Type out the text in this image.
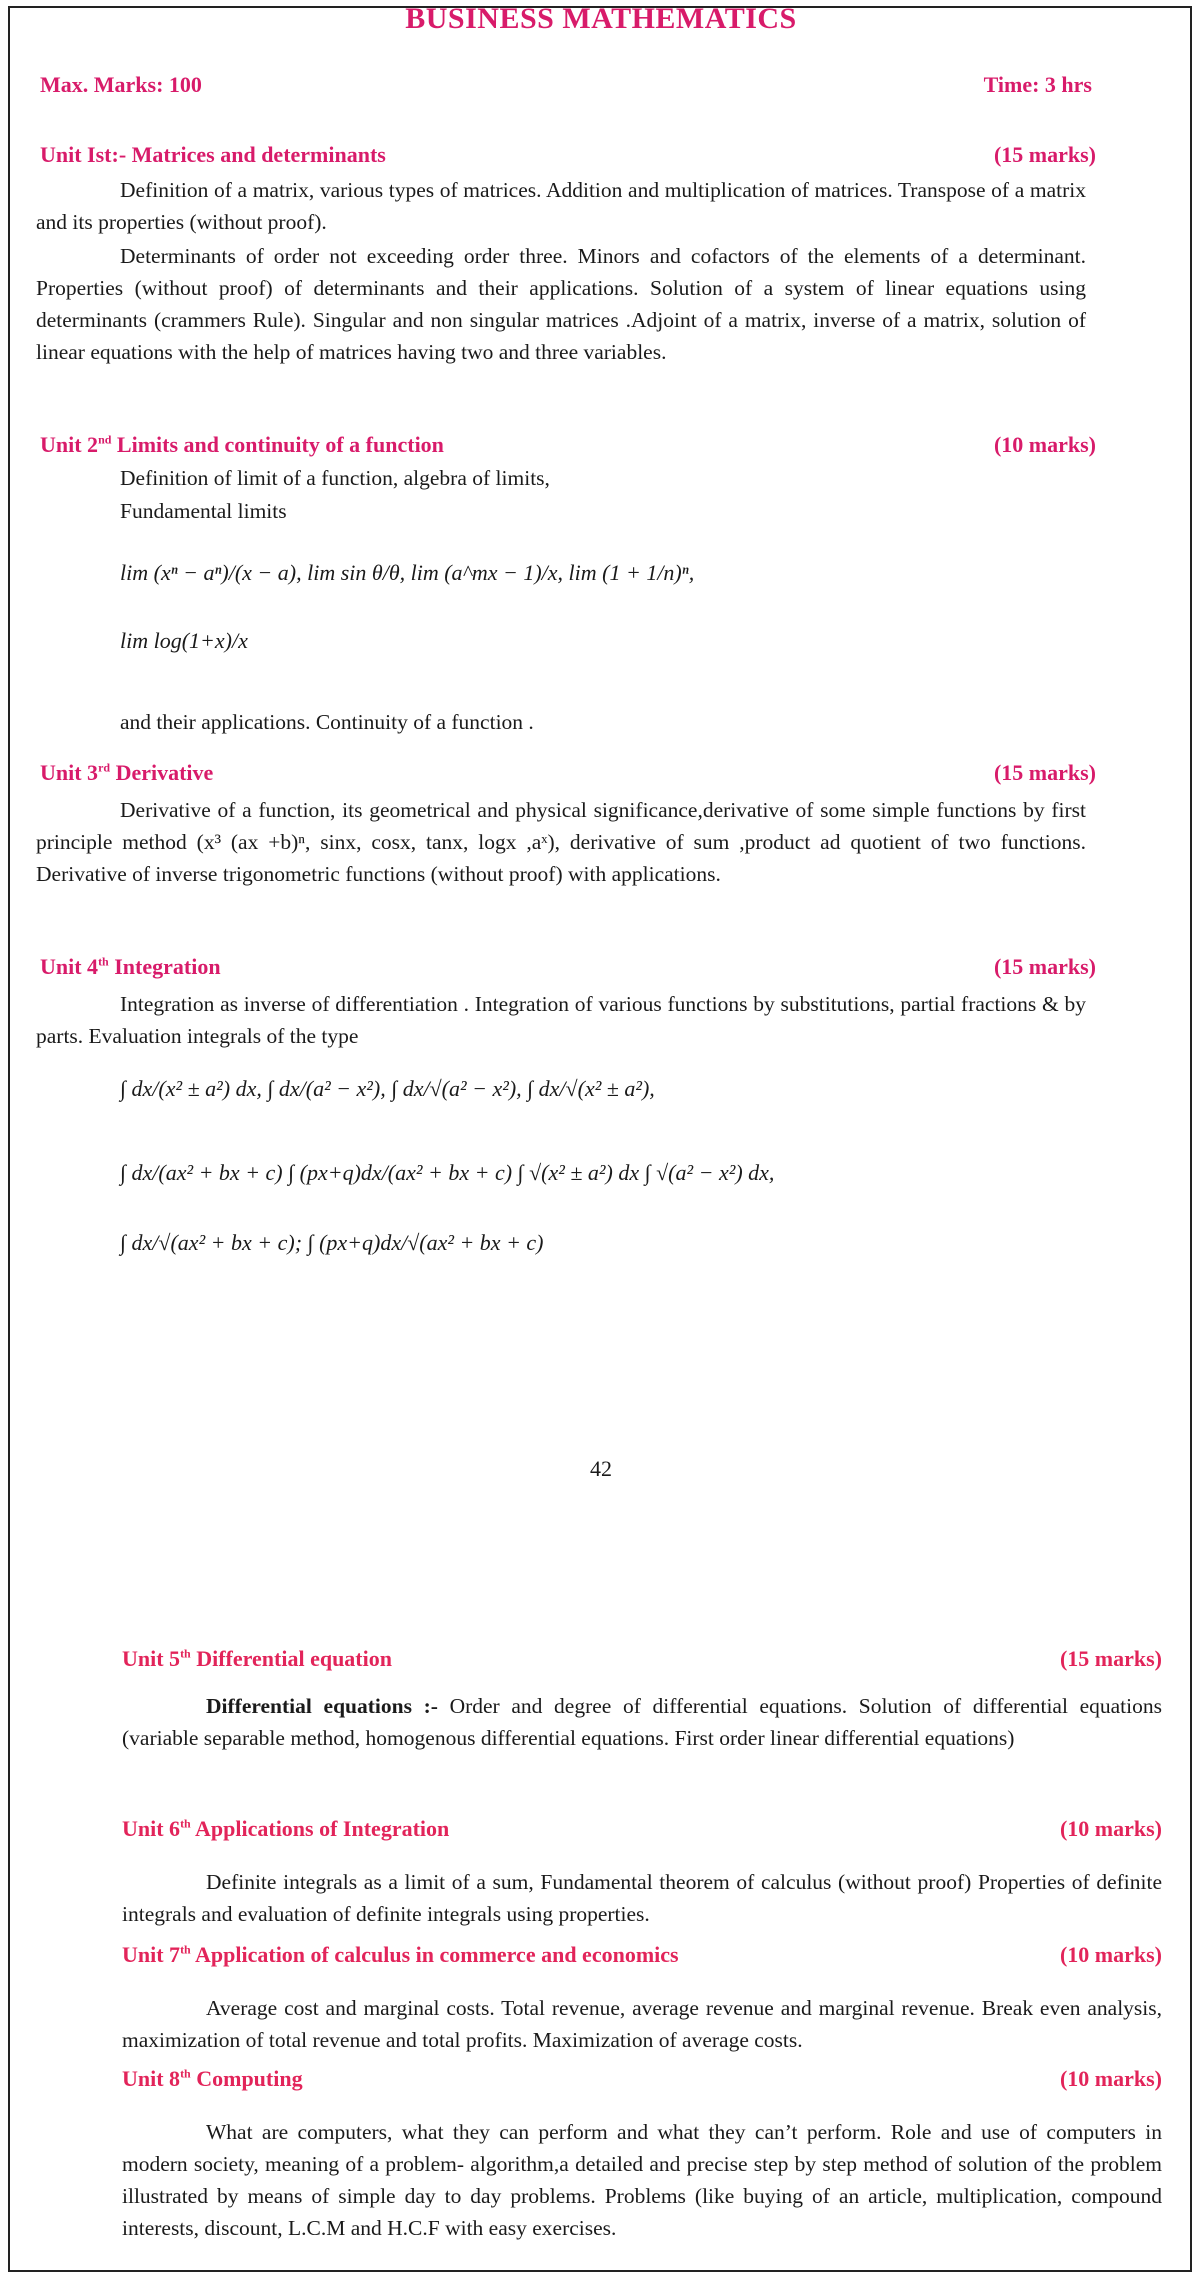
BUSINESS MATHEMATICS
Max. Marks: 100	Time: 3 hrs
Unit Ist:- Matrices and determinants	(15 marks)

Definition of a matrix, various types of matrices. Addition and multiplication of matrices. Transpose of a matrix and its properties (without proof).

Determinants of order not exceeding order three. Minors and cofactors of the elements of a determinant. Properties (without proof) of determinants and their applications. Solution of a system of linear equations using determinants (crammers Rule). Singular and non singular matrices .Adjoint of a matrix, inverse of a matrix, solution of linear equations with the help of matrices having two and three variables.

Unit 2nd Limits and continuity of a function	(10 marks)
Definition of limit of a function, algebra of limits,
Fundamental limits
lim (xⁿ − aⁿ)/(x − a), lim sin θ/θ, lim (a^mx − 1)/x, lim (1 + 1/n)ⁿ,
lim log(1+x)/x
and their applications. Continuity of a function .
Unit 3rd Derivative	(15 marks)

Derivative of a function, its geometrical and physical significance,derivative of some simple functions by first principle method (x³ (ax +b)ⁿ, sinx, cosx, tanx, logx ,aˣ), derivative of sum ,product ad quotient of two functions. Derivative of inverse trigonometric functions (without proof) with applications.

Unit 4th Integration	(15 marks)

Integration as inverse of differentiation . Integration of various functions by substitutions, partial fractions & by parts. Evaluation integrals of the type

∫ dx/(x² ± a²) dx, ∫ dx/(a² − x²), ∫ dx/√(a² − x²), ∫ dx/√(x² ± a²),
∫ dx/(ax² + bx + c) ∫ (px+q)dx/(ax² + bx + c) ∫ √(x² ± a²) dx ∫ √(a² − x²) dx,
∫ dx/√(ax² + bx + c); ∫ (px+q)dx/√(ax² + bx + c)
42
Unit 5th Differential equation	(15 marks)

Differential equations :- Order and degree of differential equations. Solution of differential equations (variable separable method, homogenous differential equations. First order linear differential equations)

Unit 6th Applications of Integration	(10 marks)

Definite integrals as a limit of a sum, Fundamental theorem of calculus (without proof) Properties of definite integrals and evaluation of definite integrals using properties.

Unit 7th Application of calculus in commerce and economics	(10 marks)

Average cost and marginal costs. Total revenue, average revenue and marginal revenue. Break even analysis, maximization of total revenue and total profits. Maximization of average costs.

Unit 8th Computing	(10 marks)

What are computers, what they can perform and what they can’t perform. Role and use of computers in modern society, meaning of a problem- algorithm,a detailed and precise step by step method of solution of the problem illustrated by means of simple day to day problems. Problems (like buying of an article, multiplication, compound interests, discount, L.C.M and H.C.F with easy exercises.
